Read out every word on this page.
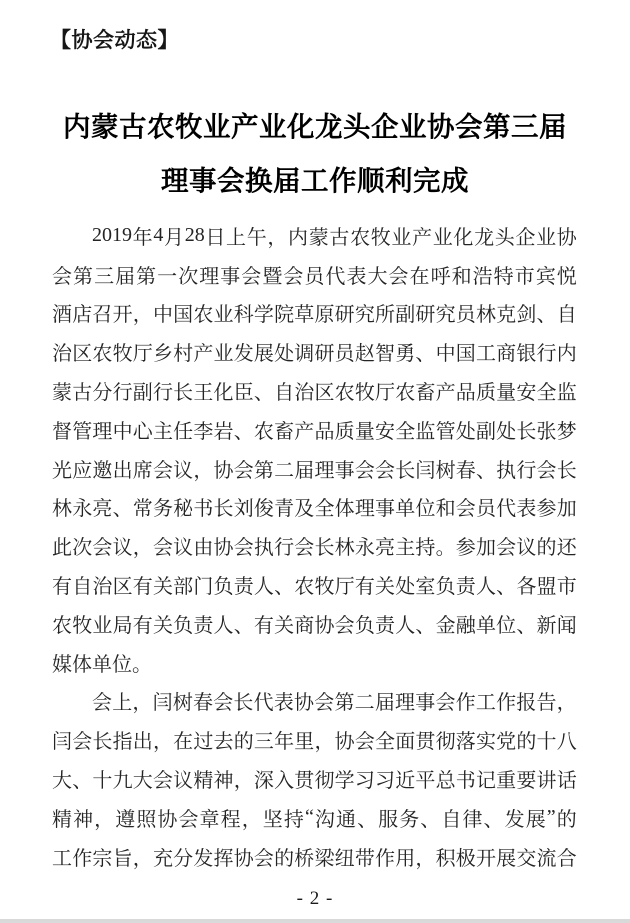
【协会动态】
内蒙古农牧业产业化龙头企业协会第三届
理事会换届工作顺利完成
2019 年 4 月 28 日 上 午 ， 内 蒙 古 农 牧 业 产 业 化 龙 头 企 业 协
会 第 三 届 第 一 次 理 事 会 暨 会 员 代 表 大 会 在 呼 和 浩 特 市 宾 悦
酒 店 召 开 ， 中 国 农 业 科 学 院 草 原 研 究 所 副 研 究 员 林 克 剑 、 自
治 区 农 牧 厅 乡 村 产 业 发 展 处 调 研 员 赵 智 勇 、 中 国 工 商 银 行 内
蒙 古 分 行 副 行 长 王 化 臣 、 自 治 区 农 牧 厅 农 畜 产 品 质 量 安 全 监
督 管 理 中 心 主 任 李 岩 、 农 畜 产 品 质 量 安 全 监 管 处 副 处 长 张 梦
光 应 邀 出 席 会 议 ， 协 会 第 二 届 理 事 会 会 长 闫 树 春 、 执 行 会 长
林 永 亮 、 常 务 秘 书 长 刘 俊 青 及 全 体 理 事 单 位 和 会 员 代 表 参 加
此 次 会 议 ， 会 议 由 协 会 执 行 会 长 林 永 亮 主 持 。 参 加 会 议 的 还
有 自 治 区 有 关 部 门 负 责 人 、 农 牧 厅 有 关 处 室 负 责 人 、 各 盟 市
农 牧 业 局 有 关 负 责 人 、 有 关 商 协 会 负 责 人 、 金 融 单 位 、 新 闻
媒 体 单 位 。
会 上 ， 闫 树 春 会 长 代 表 协 会 第 二 届 理 事 会 作 工 作 报 告 ，
闫 会 长 指 出 ， 在 过 去 的 三 年 里 ， 协 会 全 面 贯 彻 落 实 党 的 十 八
大 、 十 九 大 会 议 精 神 ， 深 入 贯 彻 学 习 习 近 平 总 书 记 重 要 讲 话
精 神 ， 遵 照 协 会 章 程 ， 坚 持 “ 沟 通 、 服 务 、 自 律 、 发 展 ” 的
工 作 宗 旨 ， 充 分 发 挥 协 会 的 桥 梁 纽 带 作 用 ， 积 极 开 展 交 流 合
- 2 -
